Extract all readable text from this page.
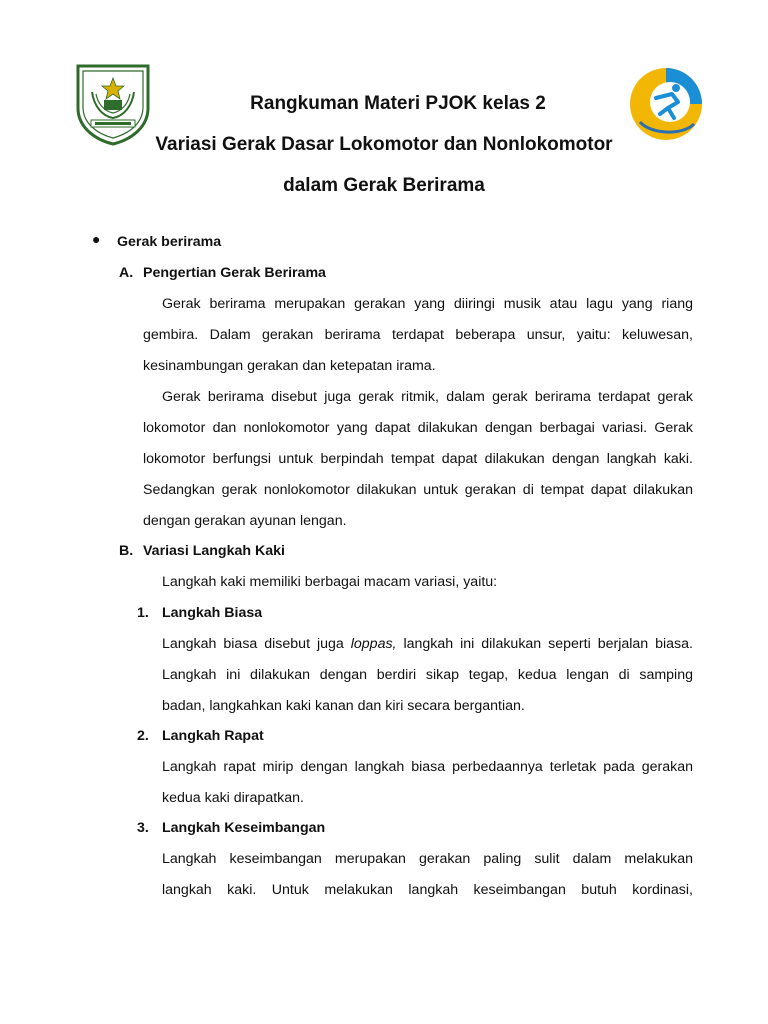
Rangkuman Materi PJOK kelas 2
Variasi Gerak Dasar Lokomotor dan Nonlokomotor
dalam Gerak Berirama
● Gerak berirama
A. Pengertian Gerak Berirama
Gerak berirama merupakan gerakan yang diiringi musik atau lagu yang riang
gembira. Dalam gerakan berirama terdapat beberapa unsur, yaitu: keluwesan,
kesinambungan gerakan dan ketepatan irama.
Gerak berirama disebut juga gerak ritmik, dalam gerak berirama terdapat gerak
lokomotor dan nonlokomotor yang dapat dilakukan dengan berbagai variasi. Gerak
lokomotor berfungsi untuk berpindah tempat dapat dilakukan dengan langkah kaki.
Sedangkan gerak nonlokomotor dilakukan untuk gerakan di tempat dapat dilakukan
dengan gerakan ayunan lengan.
B. Variasi Langkah Kaki
Langkah kaki memiliki berbagai macam variasi, yaitu:
1. Langkah Biasa
Langkah biasa disebut juga loppas, langkah ini dilakukan seperti berjalan biasa.
Langkah ini dilakukan dengan berdiri sikap tegap, kedua lengan di samping
badan, langkahkan kaki kanan dan kiri secara bergantian.
2. Langkah Rapat
Langkah rapat mirip dengan langkah biasa perbedaannya terletak pada gerakan
kedua kaki dirapatkan.
3. Langkah Keseimbangan
Langkah keseimbangan merupakan gerakan paling sulit dalam melakukan
langkah kaki. Untuk melakukan langkah keseimbangan butuh kordinasi,
